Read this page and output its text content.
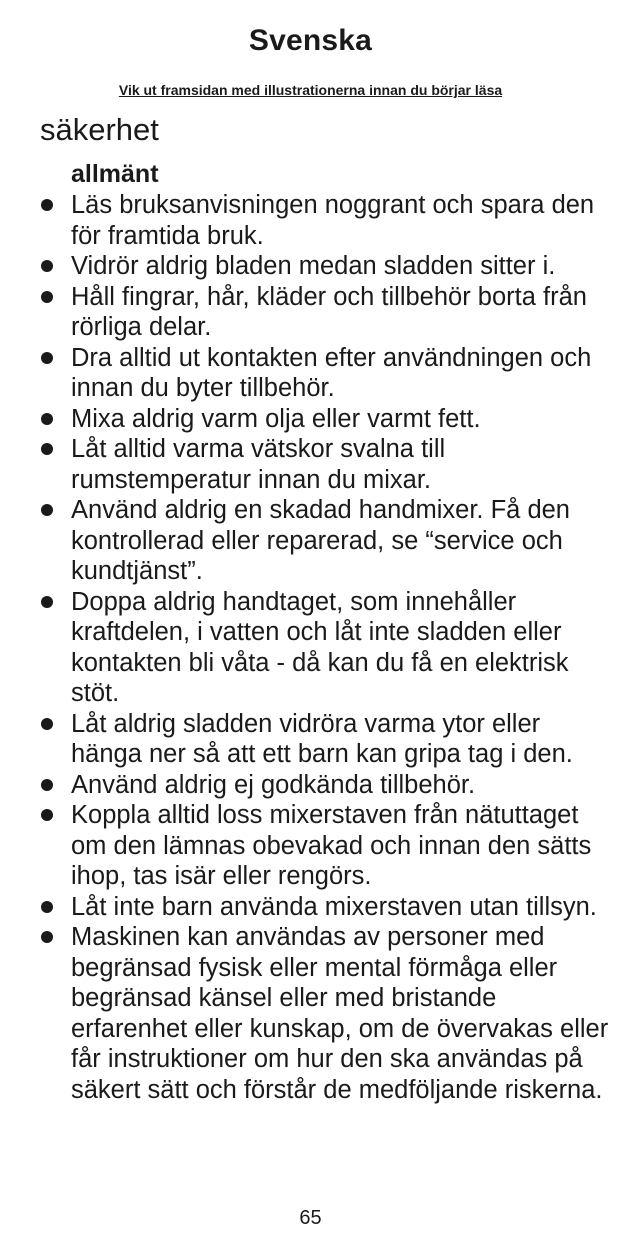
Svenska
Vik ut framsidan med illustrationerna innan du börjar läsa
säkerhet
allmänt
Läs bruksanvisningen noggrant och spara den för framtida bruk.
Vidrör aldrig bladen medan sladden sitter i.
Håll fingrar, hår, kläder och tillbehör borta från rörliga delar.
Dra alltid ut kontakten efter användningen och innan du byter tillbehör.
Mixa aldrig varm olja eller varmt fett.
Låt alltid varma vätskor svalna till rumstemperatur innan du mixar.
Använd aldrig en skadad handmixer. Få den kontrollerad eller reparerad, se “service och kundtjänst”.
Doppa aldrig handtaget, som innehåller kraftdelen, i vatten och låt inte sladden eller kontakten bli våta - då kan du få en elektrisk stöt.
Låt aldrig sladden vidröra varma ytor eller hänga ner så att ett barn kan gripa tag i den.
Använd aldrig ej godkända tillbehör.
Koppla alltid loss mixerstaven från nätuttaget om den lämnas obevakad och innan den sätts ihop, tas isär eller rengörs.
Låt inte barn använda mixerstaven utan tillsyn.
Maskinen kan användas av personer med begränsad fysisk eller mental förmåga eller begränsad känsel eller med bristande erfarenhet eller kunskap, om de övervakas eller får instruktioner om hur den ska användas på säkert sätt och förstår de medföljande riskerna.
65
